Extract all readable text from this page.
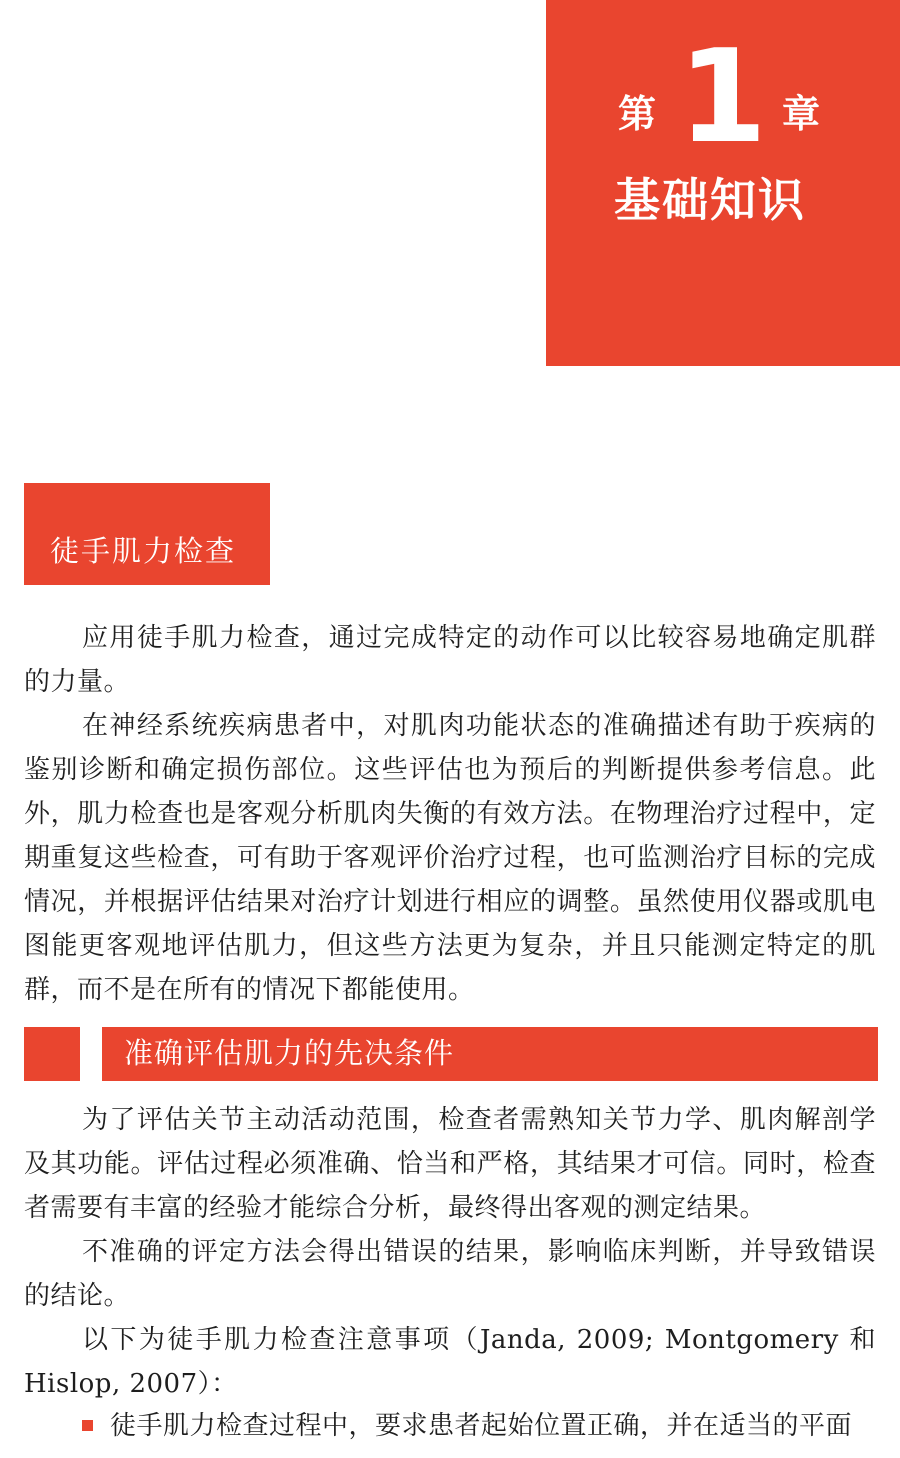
第 1 章
基础知识
徒手肌力检查

应用徒手肌力检查，通过完成特定的动作可以比较容易地确定肌群的力量。

在神经系统疾病患者中，对肌肉功能状态的准确描述有助于疾病的鉴别诊断和确定损伤部位。这些评估也为预后的判断提供参考信息。此外，肌力检查也是客观分析肌肉失衡的有效方法。在物理治疗过程中，定期重复这些检查，可有助于客观评价治疗过程，也可监测治疗目标的完成情况，并根据评估结果对治疗计划进行相应的调整。虽然使用仪器或肌电图能更客观地评估肌力，但这些方法更为复杂，并且只能测定特定的肌群，而不是在所有的情况下都能使用。

准确评估肌力的先决条件

为了评估关节主动活动范围，检查者需熟知关节力学、肌肉解剖学及其功能。评估过程必须准确、恰当和严格，其结果才可信。同时，检查者需要有丰富的经验才能综合分析，最终得出客观的测定结果。

不准确的评定方法会得出错误的结果，影响临床判断，并导致错误的结论。

以下为徒手肌力检查注意事项（Janda, 2009; Montgomery 和 Hislop, 2007）：

徒手肌力检查过程中，要求患者起始位置正确，并在适当的平面
